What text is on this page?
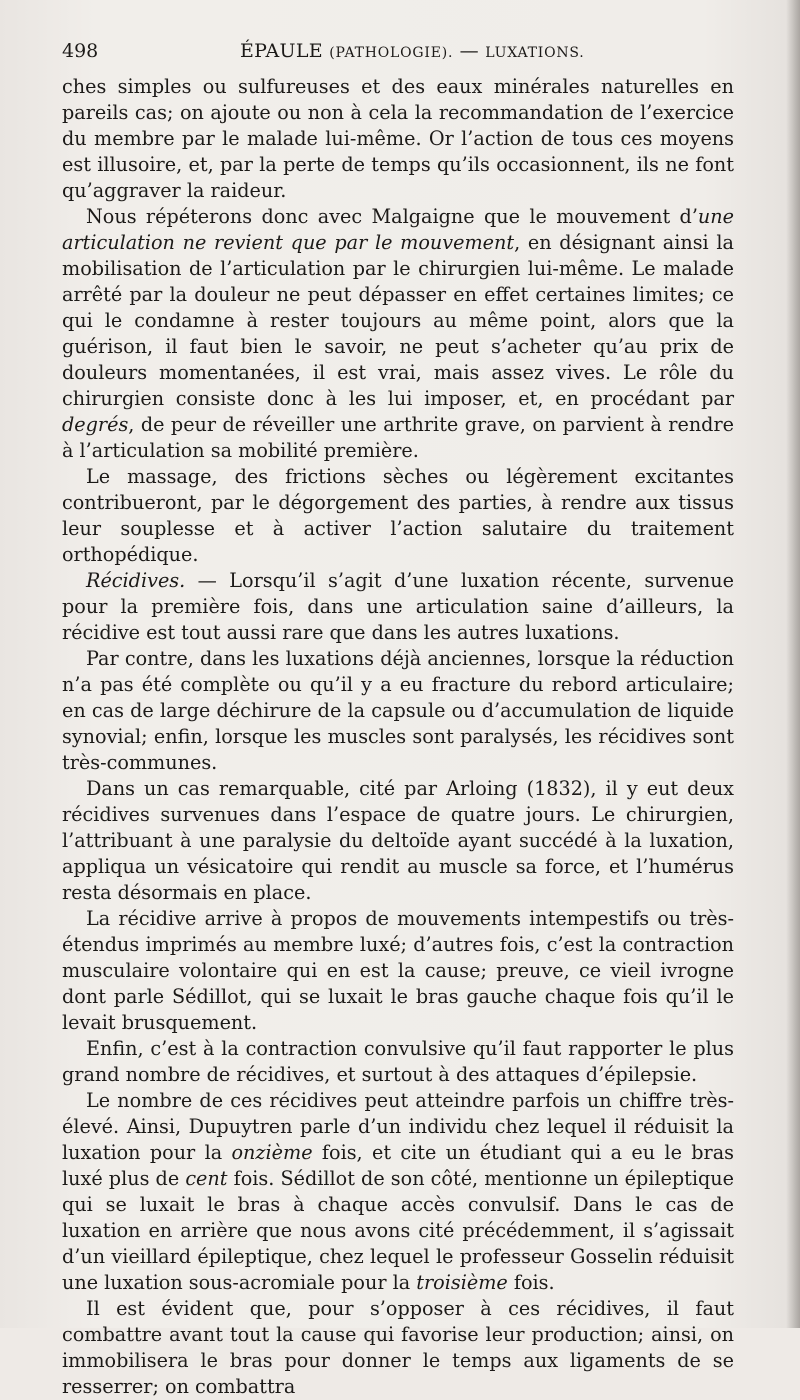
498	ÉPAULE (PATHOLOGIE). — LUXATIONS.

ches simples ou sulfureuses et des eaux minérales naturelles en pareils cas; on ajoute ou non à cela la recommandation de l’exercice du membre par le malade lui-même. Or l’action de tous ces moyens est illusoire, et, par la perte de temps qu’ils occasionnent, ils ne font qu’aggraver la raideur.

Nous répéterons donc avec Malgaigne que le mouvement d’une articulation ne revient que par le mouvement, en désignant ainsi la mobilisation de l’articulation par le chirurgien lui-même. Le malade arrêté par la douleur ne peut dépasser en effet certaines limites; ce qui le condamne à rester toujours au même point, alors que la guérison, il faut bien le savoir, ne peut s’acheter qu’au prix de douleurs momentanées, il est vrai, mais assez vives. Le rôle du chirurgien consiste donc à les lui imposer, et, en procédant par degrés, de peur de réveiller une arthrite grave, on parvient à rendre à l’articulation sa mobilité première.

Le massage, des frictions sèches ou légèrement excitantes contribueront, par le dégorgement des parties, à rendre aux tissus leur souplesse et à activer l’action salutaire du traitement orthopédique.

Récidives. — Lorsqu’il s’agit d’une luxation récente, survenue pour la première fois, dans une articulation saine d’ailleurs, la récidive est tout aussi rare que dans les autres luxations.

Par contre, dans les luxations déjà anciennes, lorsque la réduction n’a pas été complète ou qu’il y a eu fracture du rebord articulaire; en cas de large déchirure de la capsule ou d’accumulation de liquide synovial; enfin, lorsque les muscles sont paralysés, les récidives sont très-communes.

Dans un cas remarquable, cité par Arloing (1832), il y eut deux récidives survenues dans l’espace de quatre jours. Le chirurgien, l’attribuant à une paralysie du deltoïde ayant succédé à la luxation, appliqua un vésicatoire qui rendit au muscle sa force, et l’humérus resta désormais en place.

La récidive arrive à propos de mouvements intempestifs ou très-étendus imprimés au membre luxé; d’autres fois, c’est la contraction musculaire volontaire qui en est la cause; preuve, ce vieil ivrogne dont parle Sédillot, qui se luxait le bras gauche chaque fois qu’il le levait brusquement.

Enfin, c’est à la contraction convulsive qu’il faut rapporter le plus grand nombre de récidives, et surtout à des attaques d’épilepsie.

Le nombre de ces récidives peut atteindre parfois un chiffre très-élevé. Ainsi, Dupuytren parle d’un individu chez lequel il réduisit la luxation pour la onzième fois, et cite un étudiant qui a eu le bras luxé plus de cent fois. Sédillot de son côté, mentionne un épileptique qui se luxait le bras à chaque accès convulsif. Dans le cas de luxation en arrière que nous avons cité précédemment, il s’agissait d’un vieillard épileptique, chez lequel le professeur Gosselin réduisit une luxation sous-acromiale pour la troisième fois.

Il est évident que, pour s’opposer à ces récidives, il faut combattre avant tout la cause qui favorise leur production; ainsi, on immobilisera le bras pour donner le temps aux ligaments de se resserrer; on combattra
